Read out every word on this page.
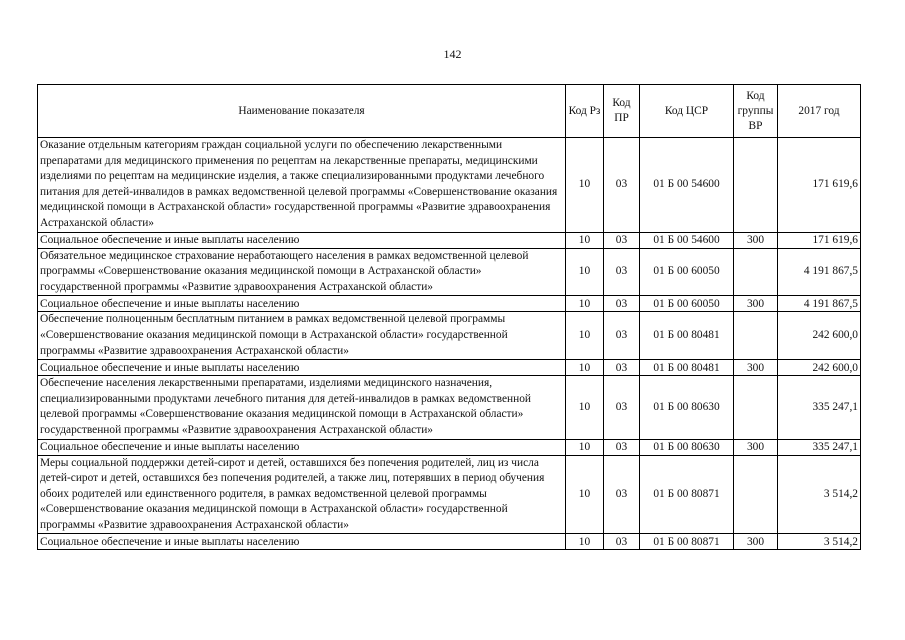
142
Наименование показателя	Код Рз	Код ПР	Код ЦСР	Код группы ВР	2017 год
Оказание отдельным категориям граждан социальной услуги по обеспечению лекарственными препаратами для медицинского применения по рецептам на лекарственные препараты, медицинскими изделиями по рецептам на медицинские изделия, а также специализированными продуктами лечебного питания для детей-инвалидов в рамках ведомственной целевой программы «Совершенствование оказания медицинской помощи в Астраханской области» государственной программы «Развитие здравоохранения Астраханской области»	10	03	01 Б 00 54600		171 619,6
Социальное обеспечение и иные выплаты населению	10	03	01 Б 00 54600	300	171 619,6
Обязательное медицинское страхование неработающего населения в рамках ведомственной целевой программы «Совершенствование оказания медицинской помощи в Астраханской области» государственной программы «Развитие здравоохранения Астраханской области»	10	03	01 Б 00 60050		4 191 867,5
Социальное обеспечение и иные выплаты населению	10	03	01 Б 00 60050	300	4 191 867,5
Обеспечение полноценным бесплатным питанием в рамках ведомственной целевой программы «Совершенствование оказания медицинской помощи в Астраханской области» государственной программы «Развитие здравоохранения Астраханской области»	10	03	01 Б 00 80481		242 600,0
Социальное обеспечение и иные выплаты населению	10	03	01 Б 00 80481	300	242 600,0
Обеспечение населения лекарственными препаратами, изделиями медицинского назначения, специализированными продуктами лечебного питания для детей-инвалидов в рамках ведомственной целевой программы «Совершенствование оказания медицинской помощи в Астраханской области» государственной программы «Развитие здравоохранения Астраханской области»	10	03	01 Б 00 80630		335 247,1
Социальное обеспечение и иные выплаты населению	10	03	01 Б 00 80630	300	335 247,1
Меры социальной поддержки детей-сирот и детей, оставшихся без попечения родителей, лиц из числа детей-сирот и детей, оставшихся без попечения родителей, а также лиц, потерявших в период обучения обоих родителей или единственного родителя, в рамках ведомственной целевой программы «Совершенствование оказания медицинской помощи в Астраханской области» государственной программы «Развитие здравоохранения Астраханской области»	10	03	01 Б 00 80871		3 514,2
Социальное обеспечение и иные выплаты населению	10	03	01 Б 00 80871	300	3 514,2
